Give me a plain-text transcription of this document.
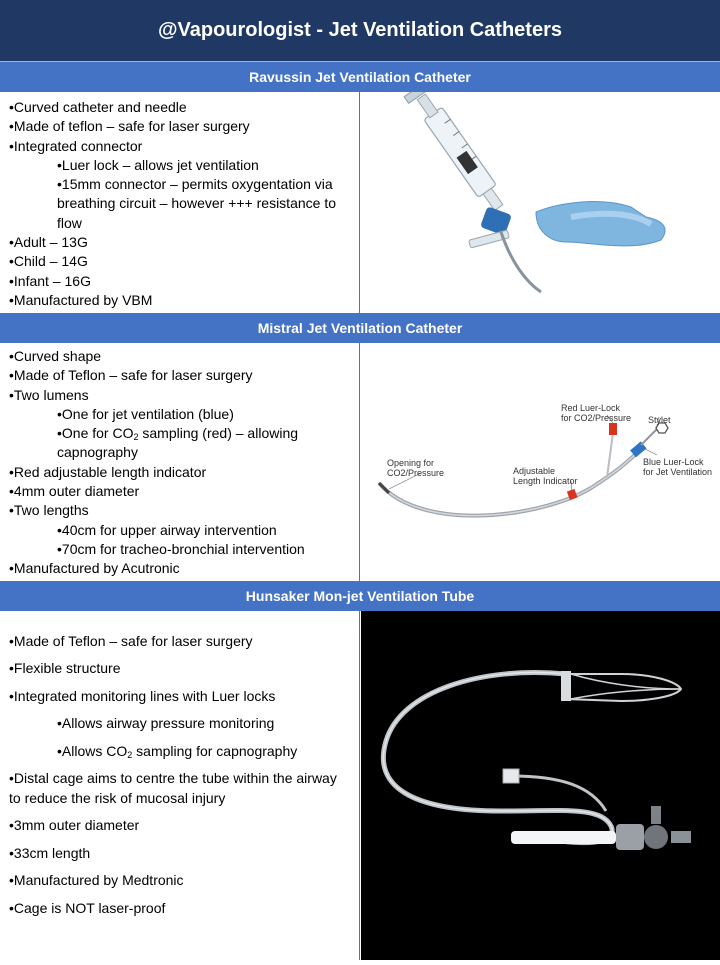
@Vapourologist - Jet Ventilation Catheters
Ravussin Jet Ventilation Catheter

•Curved catheter and needle

•Made of teflon – safe for laser surgery

•Integrated connector

•Luer lock – allows jet ventilation

•15mm connector – permits oxygentation via breathing circuit – however +++ resistance to flow

•Adult – 13G

•Child – 14G

•Infant – 16G

•Manufactured by VBM

Mistral Jet Ventilation Catheter

•Curved shape

•Made of Teflon – safe for laser surgery

•Two lumens

•One for jet ventilation (blue)

•One for $CO_2$ sampling (red) – allowing capnography

•Red adjustable length indicator

•4mm outer diameter

•Two lengths

•40cm for upper airway intervention

•70cm for tracheo-bronchial intervention

•Manufactured by Acutronic

Red Luer-Lock
for CO2/Pressure Stylet
Blue Luer-Lock
for Jet Ventilation
Opening for
CO2/Pressure	Adjustable
Length Indicator
Hunsaker Mon-jet Ventilation Tube

•Made of Teflon – safe for laser surgery

•Flexible structure

•Integrated monitoring lines with Luer locks

•Allows airway pressure monitoring

•Allows $CO_2$ sampling for capnography

•Distal cage aims to centre the tube within the airway to reduce the risk of mucosal injury

•3mm outer diameter

•33cm length

•Manufactured by Medtronic

•Cage is NOT laser-proof
